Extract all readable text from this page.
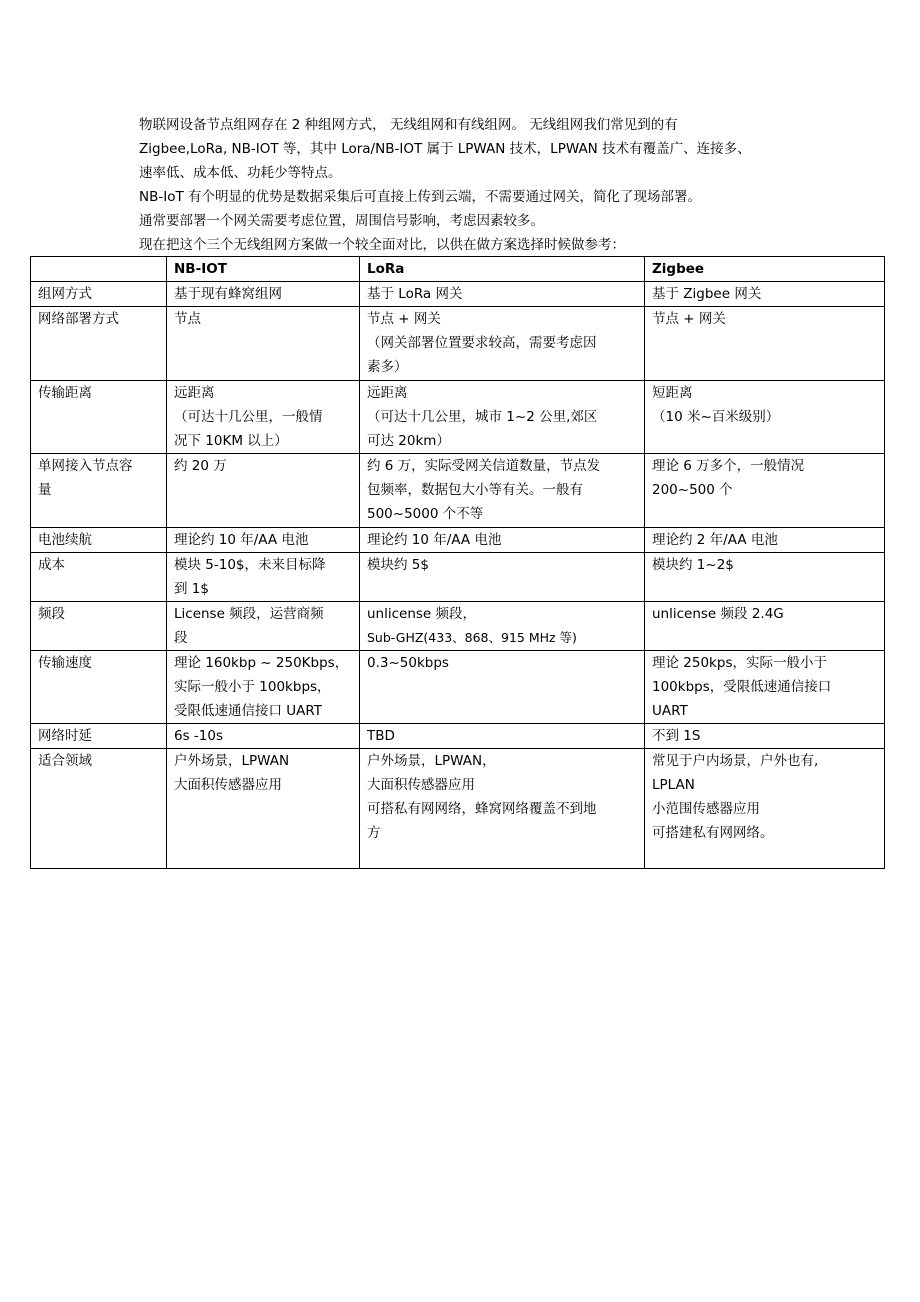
物联网设备节点组网存在 2 种组网方式， 无线组网和有线组网。 无线组网我们常见到的有

Zigbee,LoRa, NB-IOT 等，其中 Lora/NB-IOT 属于 LPWAN 技术，LPWAN 技术有覆盖广、连接多、

速率低、成本低、功耗少等特点。

NB-IoT 有个明显的优势是数据采集后可直接上传到云端，不需要通过网关，简化了现场部署。

通常要部署一个网关需要考虑位置，周围信号影响，考虑因素较多。

现在把这个三个无线组网方案做一个较全面对比，以供在做方案选择时候做参考：

	NB-IOT	LoRa	Zigbee
组网方式	基于现有蜂窝组网	基于 LoRa 网关	基于 Zigbee 网关
网络部署方式	节点	节点 + 网关
（网关部署位置要求较高，需要考虑因
素多）	节点 + 网关
传输距离	远距离
（可达十几公里，一般情
况下 10KM 以上）	远距离
（可达十几公里，城市 1~2 公里,郊区
可达 20km）	短距离
（10 米~百米级别）

单网接入节点容
量	约 20 万	约 6 万，实际受网关信道数量，节点发
包频率，数据包大小等有关。一般有
500~5000 个不等	理论 6 万多个，一般情况
200~500 个

电池续航	理论约 10 年/AA 电池	理论约 10 年/AA 电池	理论约 2 年/AA 电池
成本	模块 5-10$，未来目标降
到 1$	模块约 5$	模块约 1~2$
频段	License 频段，运营商频
段	unlicense 频段，
Sub-GHZ(433、868、915 MHz 等)	unlicense 频段 2.4G
传输速度	理论 160kbp ~ 250Kbps，
实际一般小于 100kbps，
受限低速通信接口 UART	0.3~50kbps	理论 250kps，实际一般小于
100kbps，受限低速通信接口
UART

网络时延	6s -10s	TBD	不到 1S
适合领域	户外场景，LPWAN
大面积传感器应用	户外场景，LPWAN，
大面积传感器应用
可搭私有网网络，蜂窝网络覆盖不到地
方	常见于户内场景，户外也有,
LPLAN
小范围传感器应用
可搭建私有网网络。
